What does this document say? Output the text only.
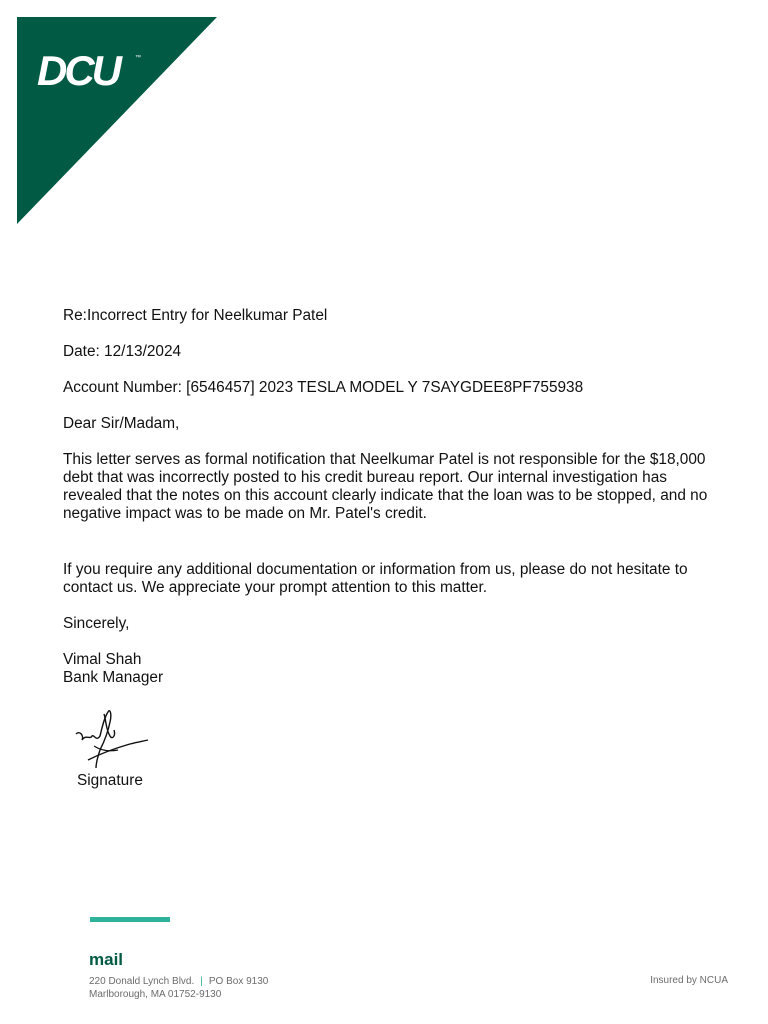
DCU	™

Re:Incorrect Entry for Neelkumar Patel

Date: 12/13/2024

Account Number: [6546457] 2023 TESLA MODEL Y 7SAYGDEE8PF755938

Dear Sir/Madam,

This letter serves as formal notification that Neelkumar Patel is not responsible for the $18,000 debt that was incorrectly posted to his credit bureau report. Our internal investigation has revealed that the notes on this account clearly indicate that the loan was to be stopped, and no negative impact was to be made on Mr. Patel's credit.

If you require any additional documentation or information from us, please do not hesitate to contact us. We appreciate your prompt attention to this matter.

Sincerely,

Vimal Shah

Bank Manager

Signature
mail
220 Donald Lynch Blvd. | PO Box 9130
Marlborough, MA 01752-9130
Insured by NCUA
